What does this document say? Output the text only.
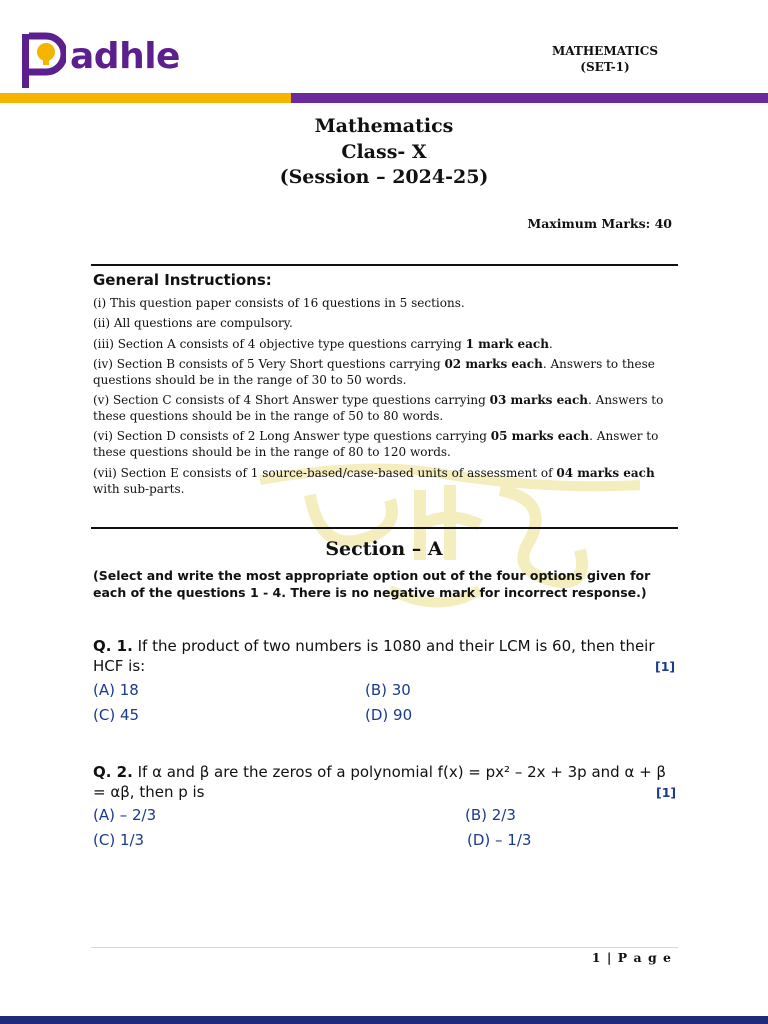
adhle	MATHEMATICS
(SET-1)
Mathematics
Class- X
(Session – 2024-25)
Maximum Marks: 40
General Instructions:
(i) This question paper consists of 16 questions in 5 sections.
(ii) All questions are compulsory.
(iii) Section A consists of 4 objective type questions carrying 1 mark each.
(iv) Section B consists of 5 Very Short questions carrying 02 marks each. Answers to these questions should be in the range of 30 to 50 words.
(v) Section C consists of 4 Short Answer type questions carrying 03 marks each. Answers to these questions should be in the range of 50 to 80 words.
(vi) Section D consists of 2 Long Answer type questions carrying 05 marks each. Answer to these questions should be in the range of 80 to 120 words.
(vii) Section E consists of 1 source-based/case-based units of assessment of 04 marks each with sub-parts.
Section – A
(Select and write the most appropriate option out of the four options given for each of the questions 1 - 4. There is no negative mark for incorrect response.)
Q. 1. If the product of two numbers is 1080 and their LCM is 60, then their HCF is:	[1]
(A) 18	(B) 30
(C) 45	(D) 90
Q. 2. If α and β are the zeros of a polynomial f(x) = px² – 2x + 3p and α + β = αβ, then p is	[1]
(A) – 2/3	(B) 2/3
(C) 1/3	(D) – 1/3
1 | P a g e
